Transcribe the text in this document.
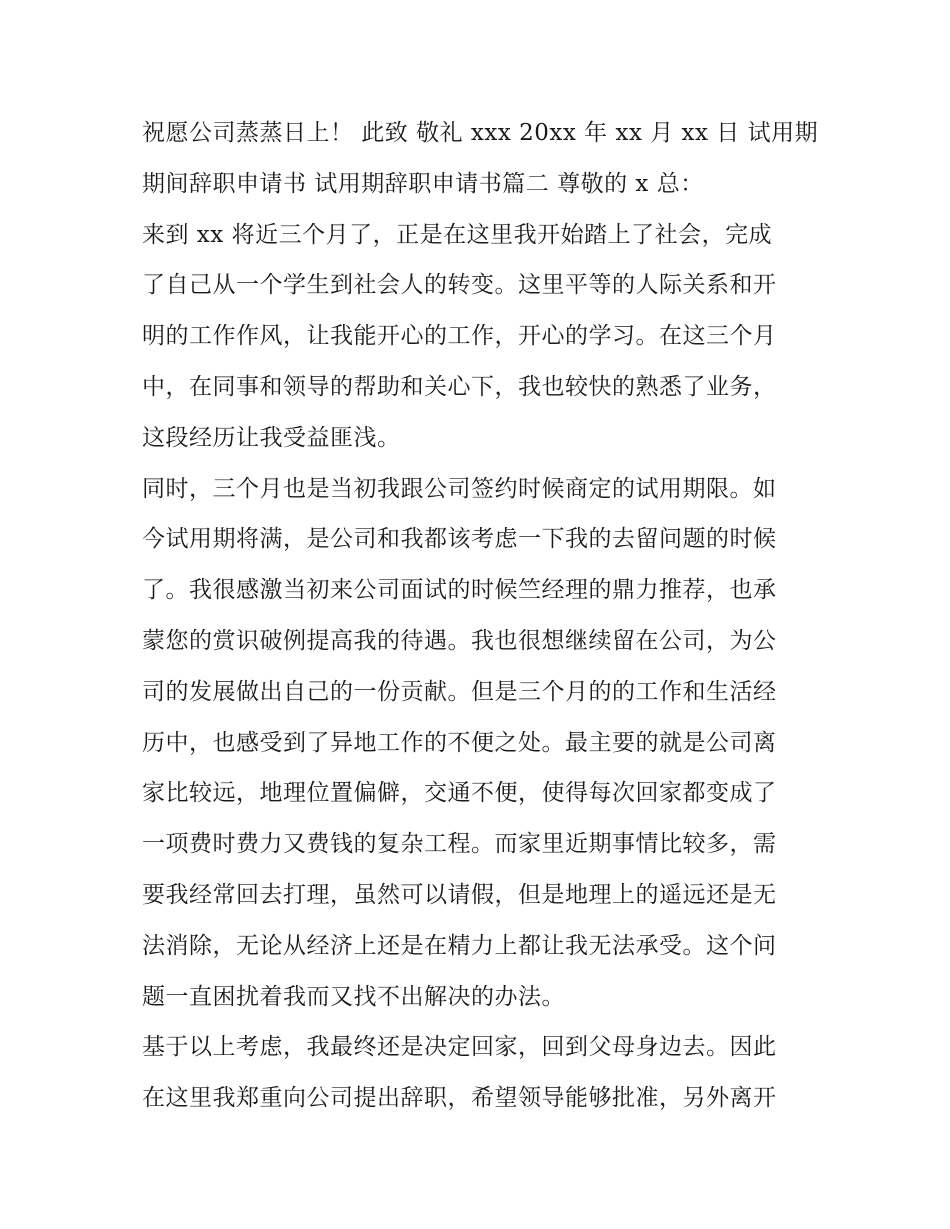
祝愿公司蒸蒸日上！ 此致 敬礼 xxx 20xx 年 xx 月 xx 日 试用期
期间辞职申请书 试用期辞职申请书篇二 尊敬的 x 总：
来到 xx 将近三个月了，正是在这里我开始踏上了社会，完成
了自己从一个学生到社会人的转变。这里平等的人际关系和开
明的工作作风，让我能开心的工作，开心的学习。在这三个月
中，在同事和领导的帮助和关心下，我也较快的熟悉了业务，
这段经历让我受益匪浅。
同时，三个月也是当初我跟公司签约时候商定的试用期限。如
今试用期将满，是公司和我都该考虑一下我的去留问题的时候
了。我很感激当初来公司面试的时候竺经理的鼎力推荐，也承
蒙您的赏识破例提高我的待遇。我也很想继续留在公司，为公
司的发展做出自己的一份贡献。但是三个月的的工作和生活经
历中，也感受到了异地工作的不便之处。最主要的就是公司离
家比较远，地理位置偏僻，交通不便，使得每次回家都变成了
一项费时费力又费钱的复杂工程。而家里近期事情比较多，需
要我经常回去打理，虽然可以请假，但是地理上的遥远还是无
法消除，无论从经济上还是在精力上都让我无法承受。这个问
题一直困扰着我而又找不出解决的办法。
基于以上考虑，我最终还是决定回家，回到父母身边去。因此
在这里我郑重向公司提出辞职，希望领导能够批准，另外离开
